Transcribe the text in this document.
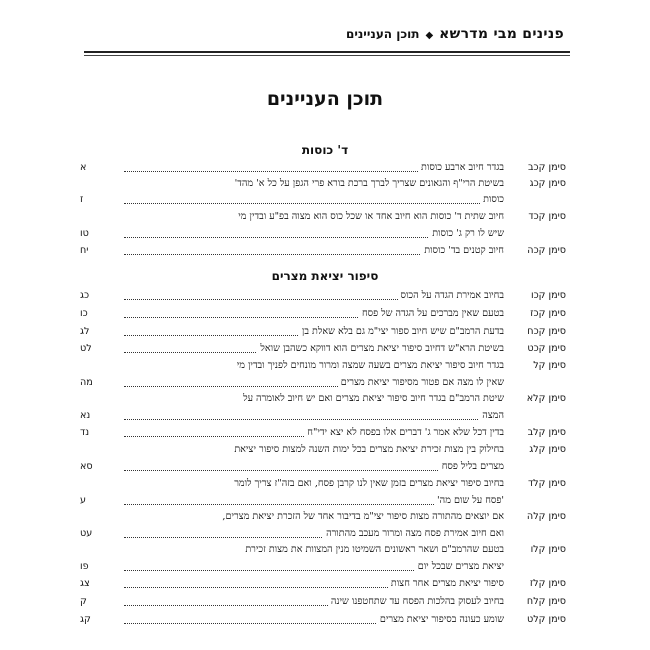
פנינים מבי מדרשא
◆
תוכן העניינים
תוכן העניינים
ד' כוסות
סימן קכב
בגדר חיוב ארבע כוסות
א
סימן קכג
בשיטת הרי"ף והגאונים שצריך לברך ברכת בורא פרי הגפן על כל א' מהד'
כוסות
ז
סימן קכד
חיוב שתית ד' כוסות הוא חיוב אחד או שכל כוס הוא מצוה בפ"ע ובדין מי
שיש לו רק ג' כוסות
טו
סימן קכה
חיוב קטנים בד' כוסות
יח
סיפור יציאת מצרים
סימן קכו
בחיוב אמירת הגדה על הכוס
כג
סימן קכז
בטעם שאין מברכים על הגדה של פסח
כו
סימן קכח
בדעת הרמב"ם שיש חיוב ספור יצי"מ גם בלא שאלת בן
לג
סימן קכט
בשיטת הרא"ש דחיוב סיפור יציאת מצרים הוא דווקא כשהבן שואל
לט
סימן קל
בגדר חיוב סיפור יציאת מצרים בשעה שמצה ומרור מונחים לפניך ובדין מי
שאין לו מצה אם פטור מסיפור יציאת מצרים
מה
סימן קלא
שיטת הרמב"ם בגדר חיוב סיפור יציאת מצרים ואם יש חיוב לאומרה על
המצה
נא
סימן קלב
בדין דכל שלא אמר ג' דברים אלו בפסח לא יצא ידי"ח
נד
סימן קלג
בחילוק בין מצות זכירת יציאת מצרים בכל ימות השנה למצות סיפור יציאת
מצרים בליל פסח
סא
סימן קלד
בחיוב סיפור יציאת מצרים בזמן שאין לנו קרבן פסח, ואם בזה"ז צריך לומר
'פסח על שום מה'
ע
סימן קלה
אם יוצאים מהתורה מצות סיפור יצי"מ בדיבור אחד של הזכרת יציאת מצרים,
ואם חיוב אמירת פסח מצה ומרור מעכב מהתורה
עט
סימן קלו
בטעם שהרמב"ם ושאר ראשונים השמיטו מנין המצוות את מצות זכירת
יציאת מצרים שבכל יום
פו
סימן קלז
סיפור יציאת מצרים אחר חצות
צג
סימן קלח
בחיוב לעסוק בהלכות הפסח עד שתחטפנו שינה
ק
סימן קלט
שומע כעונה בסיפור יציאת מצרים
קג
